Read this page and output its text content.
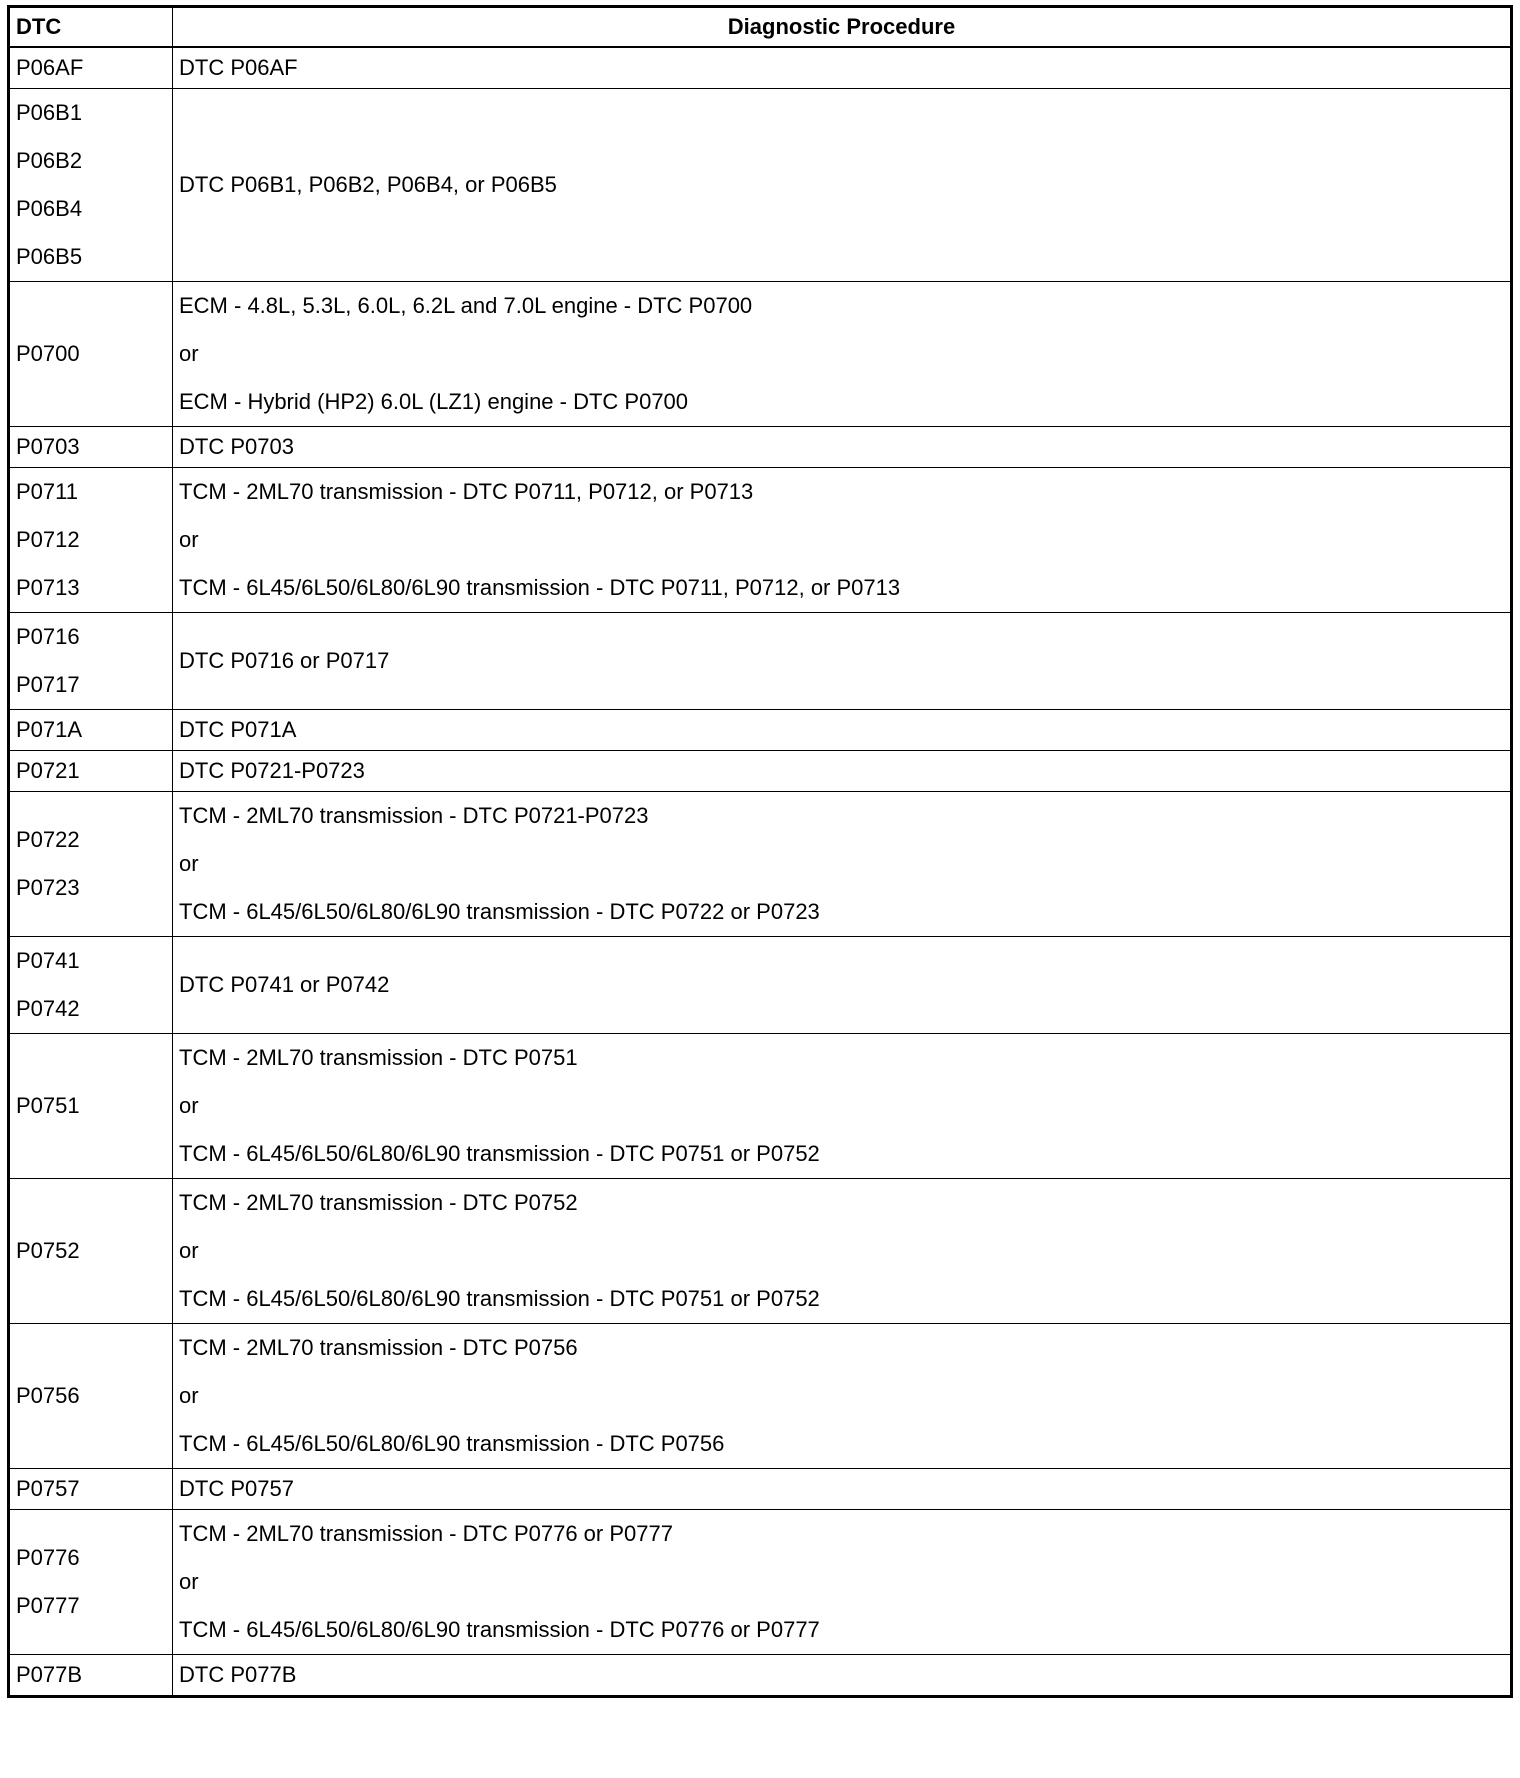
DTC	Diagnostic Procedure

P06AF	DTC P06AF

P06B1
P06B2
P06B4
P06B5	DTC P06B1, P06B2, P06B4, or P06B5

P0700	ECM - 4.8L, 5.3L, 6.0L, 6.2L and 7.0L engine - DTC P0700
or
ECM - Hybrid (HP2) 6.0L (LZ1) engine - DTC P0700

P0703	DTC P0703

P0711
P0712
P0713	TCM - 2ML70 transmission - DTC P0711, P0712, or P0713
or
TCM - 6L45/6L50/6L80/6L90 transmission - DTC P0711, P0712, or P0713

P0716
P0717	DTC P0716 or P0717

P071A	DTC P071A

P0721	DTC P0721-P0723

P0722
P0723	TCM - 2ML70 transmission - DTC P0721-P0723
or
TCM - 6L45/6L50/6L80/6L90 transmission - DTC P0722 or P0723

P0741
P0742	DTC P0741 or P0742

P0751	TCM - 2ML70 transmission - DTC P0751
or
TCM - 6L45/6L50/6L80/6L90 transmission - DTC P0751 or P0752

P0752	TCM - 2ML70 transmission - DTC P0752
or
TCM - 6L45/6L50/6L80/6L90 transmission - DTC P0751 or P0752

P0756	TCM - 2ML70 transmission - DTC P0756
or
TCM - 6L45/6L50/6L80/6L90 transmission - DTC P0756

P0757	DTC P0757

P0776
P0777	TCM - 2ML70 transmission - DTC P0776 or P0777
or
TCM - 6L45/6L50/6L80/6L90 transmission - DTC P0776 or P0777

P077B	DTC P077B
